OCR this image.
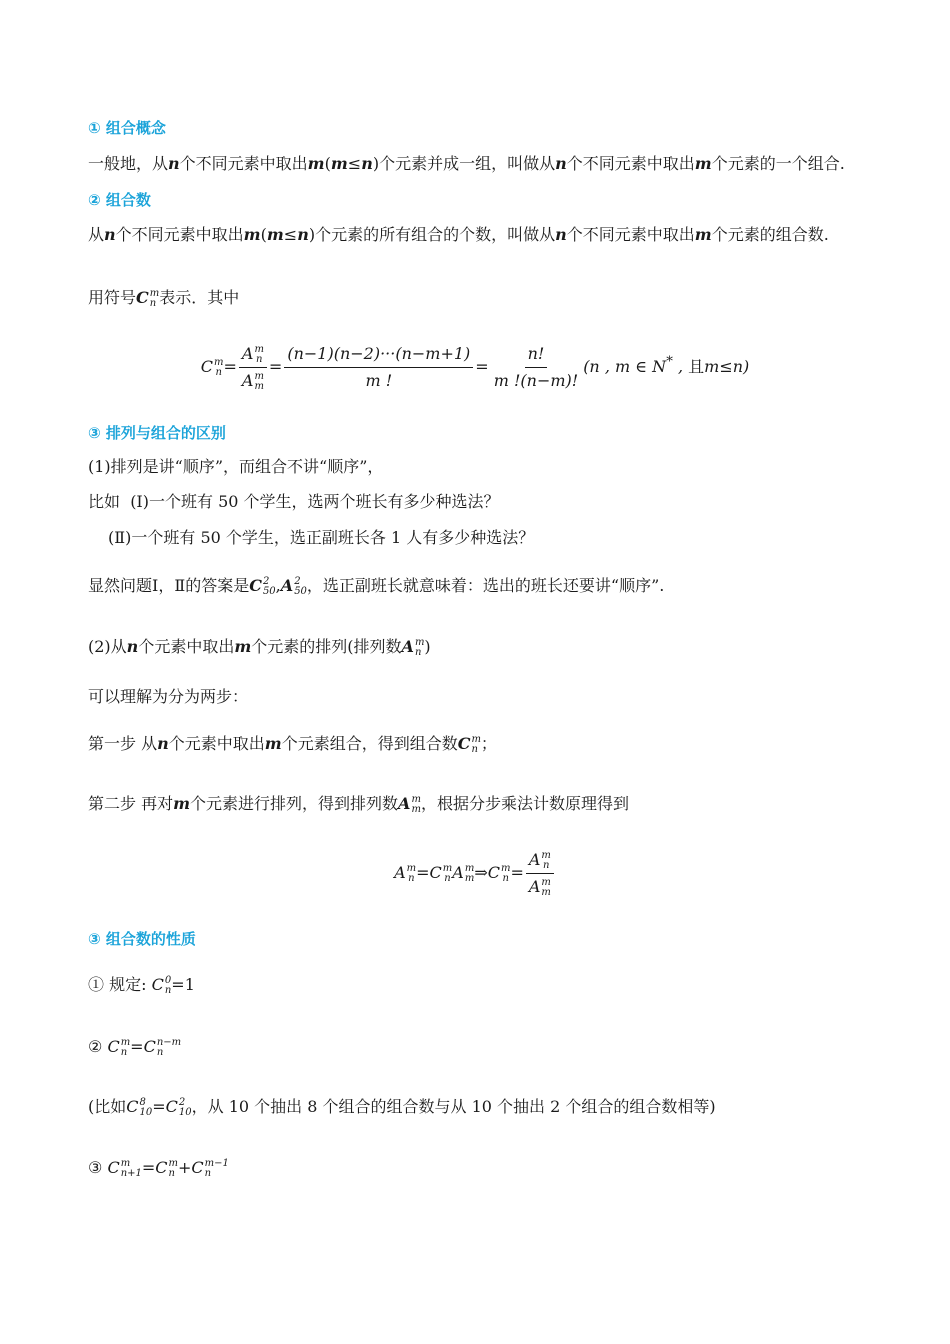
① 组合概念
一般地，从n个不同元素中取出m(m≤n)个元素并成一组，叫做从n个不同元素中取出m个元素的一个组合.
② 组合数
从n个不同元素中取出m(m≤n)个元素的所有组合的个数，叫做从n个不同元素中取出m个元素的组合数.
用符号C m
n 表示．其中
C m
n = A m
n
A m
$m = \frac{(n-1)(n-2)\cdot\cdot\cdot(n-m+1)}{m !} = \frac{n!}{m !(n-m)!} (n$ , m ∈ N* , 且m≤n)
③ 排列与组合的区别
(1)排列是讲“顺序”，而组合不讲“顺序”，
比如 (Ⅰ)一个班有 50 个学生，选两个班长有多少种选法？
(Ⅱ)一个班有 50 个学生，选正副班长各 1 人有多少种选法？
显然问题Ⅰ，Ⅱ的答案是C 2
50 ,A 2
50 ，选正副班长就意味着：选出的班长还要讲“顺序”.
(2)从n个元素中取出m个元素的排列(排列数A m
n )
可以理解为分为两步：
第一步 从n个元素中取出m个元素组合，得到组合数C m
n ；
第二步 再对m个元素进行排列，得到排列数A m
m ，根据分步乘法计数原理得到
A m
n =C m
n A m
m ⇒C m
n = A m
n
A m
m
③ 组合数的性质
① 规定: C 0
n =1
② C m
n =C n−m
n
(比如C 8
10 =C 2
10 ，从 10 个抽出 8 个组合的组合数与从 10 个抽出 2 个组合的组合数相等)
③ C m
n+1 =C m
n +C m−1
n
